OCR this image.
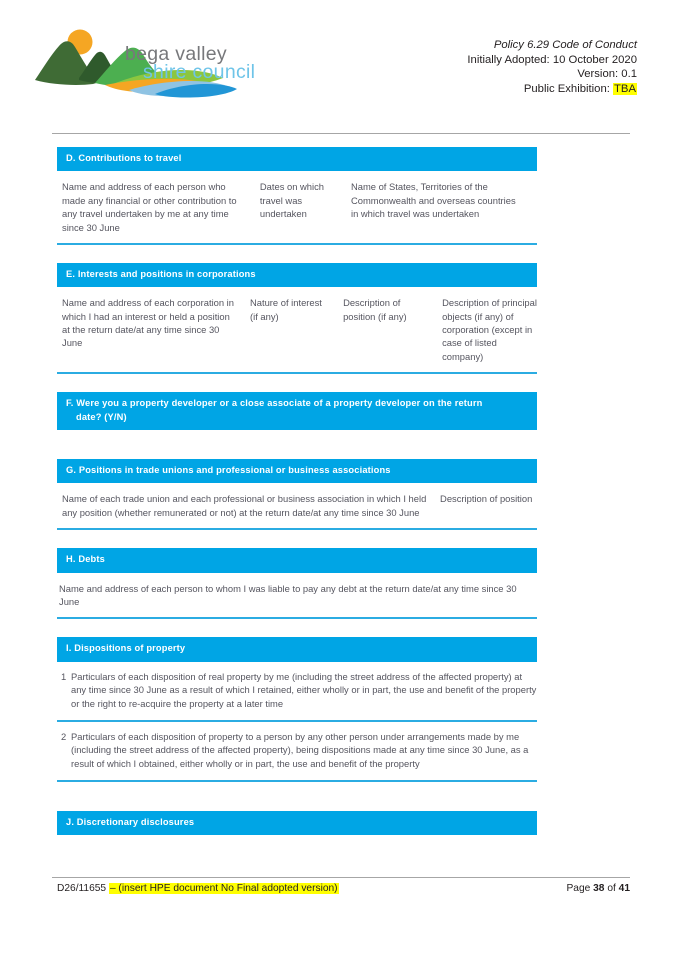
bega valley
shire council
Policy 6.29 Code of Conduct
Initially Adopted: 10 October 2020
Version: 0.1
Public Exhibition: TBA
D. Contributions to travel
Name and address of each person who made any financial or other contribution to any travel undertaken by me at any time since 30 June
Dates on which travel was undertaken
Name of States, Territories of the Commonwealth and overseas countries in which travel was undertaken
E. Interests and positions in corporations
Name and address of each corporation in which I had an interest or held a position at the return date/at any time since 30 June
Nature of interest (if any)
Description of position (if any)
Description of principal objects (if any) of corporation (except in case of listed company)
F. Were you a property developer or a close associate of a property developer on the return
date? (Y/N)
G. Positions in trade unions and professional or business associations
Name of each trade union and each professional or business association in which I held any position (whether remunerated or not) at the return date/at any time since 30 June
Description of position
H. Debts
Name and address of each person to whom I was liable to pay any debt at the return date/at any time since 30 June
I. Dispositions of property
1 Particulars of each disposition of real property by me (including the street address of the affected property) at any time since 30 June as a result of which I retained, either wholly or in part, the use and benefit of the property or the right to re-acquire the property at a later time
2 Particulars of each disposition of property to a person by any other person under arrangements made by me (including the street address of the affected property), being dispositions made at any time since 30 June, as a result of which I obtained, either wholly or in part, the use and benefit of the property
J. Discretionary disclosures
D26/11655 – (insert HPE document No Final adopted version)	Page 38 of 41
